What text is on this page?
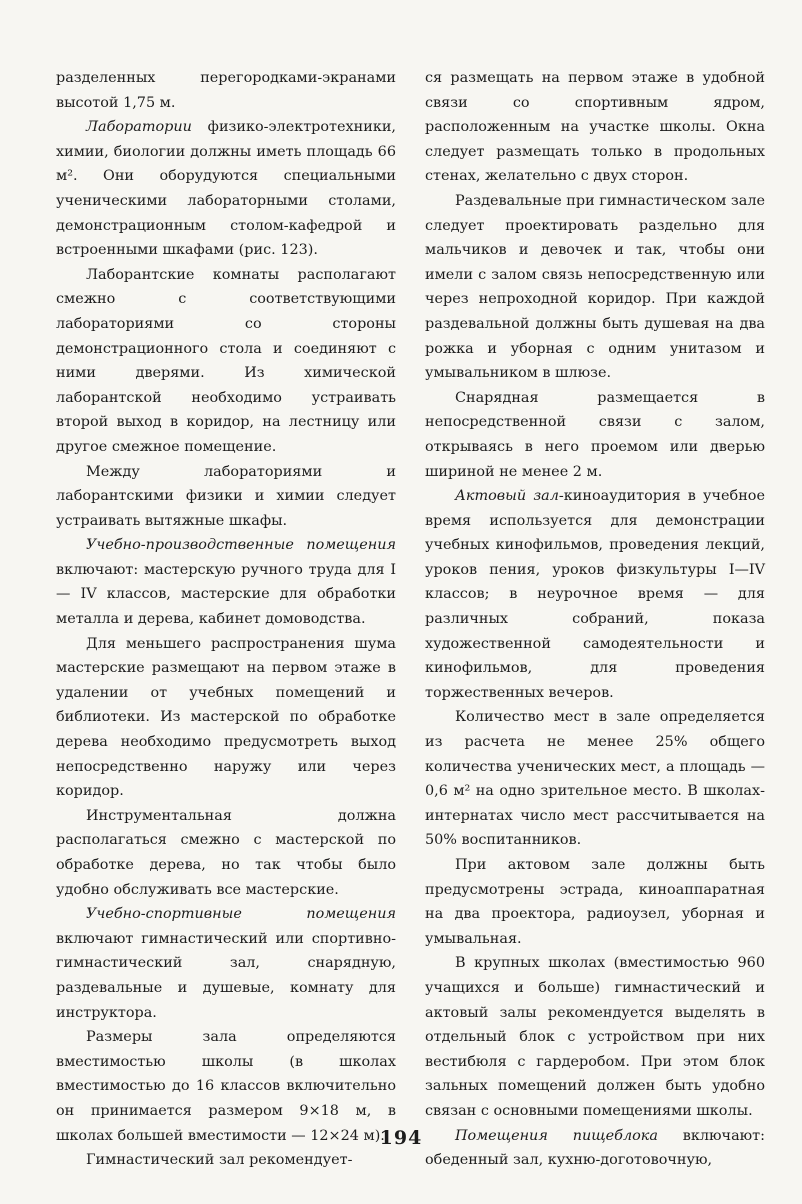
разделенных перегородками-экранами высотой 1,75 м.

Лаборатории физико-электротехники, химии, биологии должны иметь площадь 66 м². Они оборудуются специальными ученическими лабораторными столами, демонстрационным столом-кафедрой и встроенными шкафами (рис. 123).

Лаборантские комнаты располагают смежно с соответствующими лабораториями со стороны демонстрационного стола и соединяют с ними дверями. Из химической лаборантской необходимо устраивать второй выход в коридор, на лестницу или другое смежное помещение.

Между лабораториями и лаборантскими физики и химии следует устраивать вытяжные шкафы.

Учебно-производственные помещения включают: мастерскую ручного труда для I — IV классов, мастерские для обработки металла и дерева, кабинет домоводства.

Для меньшего распространения шума мастерские размещают на первом этаже в удалении от учебных помещений и библиотеки. Из мастерской по обработке дерева необходимо предусмотреть выход непосредственно наружу или через коридор.

Инструментальная должна располагаться смежно с мастерской по обработке дерева, но так чтобы было удобно обслуживать все мастерские.

Учебно-спортивные помещения включают гимнастический или спортивно-гимнастический зал, снарядную, раздевальные и душевые, комнату для инструктора.

Размеры зала определяются вместимостью школы (в школах вместимостью до 16 классов включительно он принимается размером 9×18 м, в школах большей вместимости — 12×24 м).

Гимнастический зал рекомендует-

ся размещать на первом этаже в удобной связи со спортивным ядром, расположенным на участке школы. Окна следует размещать только в продольных стенах, желательно с двух сторон.

Раздевальные при гимнастическом зале следует проектировать раздельно для мальчиков и девочек и так, чтобы они имели с залом связь непосредственную или через непроходной коридор. При каждой раздевальной должны быть душевая на два рожка и уборная с одним унитазом и умывальником в шлюзе.

Снарядная размещается в непосредственной связи с залом, открываясь в него проемом или дверью шириной не менее 2 м.

Актовый зал-киноаудитория в учебное время используется для демонстрации учебных кинофильмов, проведения лекций, уроков пения, уроков физкультуры I—IV классов; в неурочное время — для различных собраний, показа художественной самодеятельности и кинофильмов, для проведения торжественных вечеров.

Количество мест в зале определяется из расчета не менее 25% общего количества ученических мест, а площадь — 0,6 м² на одно зрительное место. В школах-интернатах число мест рассчитывается на 50% воспитанников.

При актовом зале должны быть предусмотрены эстрада, киноаппаратная на два проектора, радиоузел, уборная и умывальная.

В крупных школах (вместимостью 960 учащихся и больше) гимнастический и актовый залы рекомендуется выделять в отдельный блок с устройством при них вестибюля с гардеробом. При этом блок зальных помещений должен быть удобно связан с основными помещениями школы.

Помещения пищеблока включают: обеденный зал, кухню-доготовочную,

194
